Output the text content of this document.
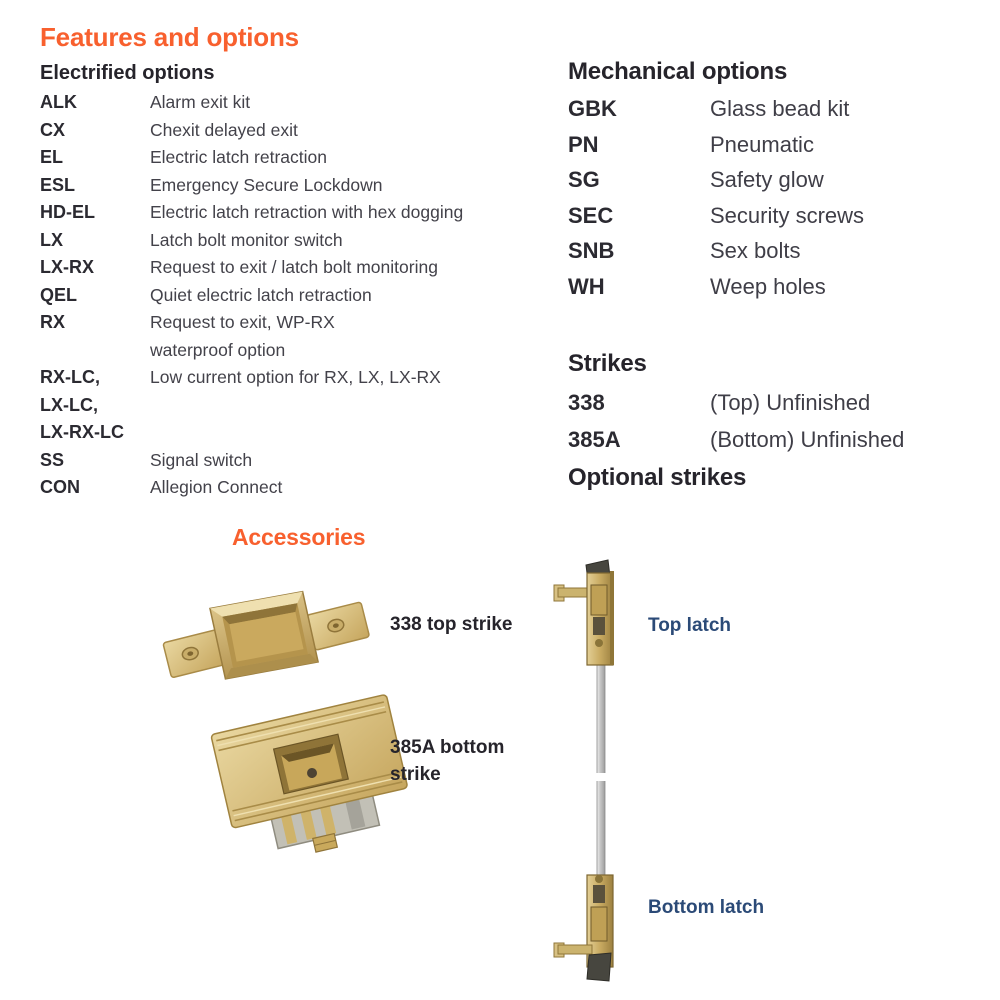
Features and options
Electrified options
ALK	Alarm exit kit
CX	Chexit delayed exit
EL	Electric latch retraction
ESL	Emergency Secure Lockdown
HD-EL	Electric latch retraction with hex dogging
LX	Latch bolt monitor switch
LX-RX	Request to exit / latch bolt monitoring
QEL	Quiet electric latch retraction
RX	Request to exit, WP-RX
waterproof option
RX-LC,	Low current option for RX, LX, LX-RX
LX-LC,
LX-RX-LC
SS	Signal switch
CON	Allegion Connect
Mechanical options
GBK	Glass bead kit
PN	Pneumatic
SG	Safety glow
SEC	Security screws
SNB	Sex bolts
WH	Weep holes
Strikes
338	(Top) Unfinished
385A	(Bottom) Unfinished
Optional strikes
Accessories
338 top strike
385A bottom strike
Top latch
Bottom latch
